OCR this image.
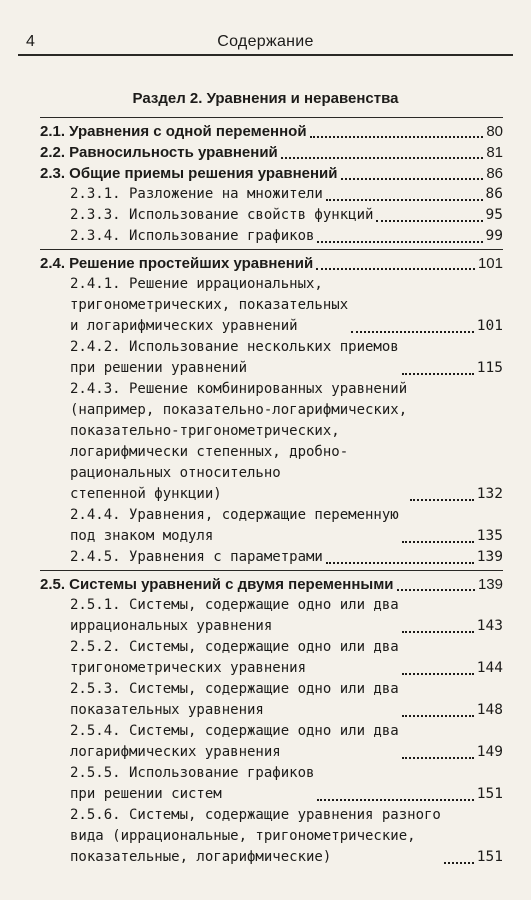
4	Содержание
Раздел 2. Уравнения и неравенства
2.1. Уравнения с одной переменной	80
2.2. Равносильность уравнений	81
2.3. Общие приемы решения уравнений	86
2.3.1. Разложение на множители	86
2.3.3. Использование свойств функций	95
2.3.4. Использование графиков	99
2.4. Решение простейших уравнений	101
2.4.1. Решение иррациональных,
тригонометрических, показательных
и логарифмических уравнений	101
2.4.2. Использование нескольких приемов
при решении уравнений	115
2.4.3. Решение комбинированных уравнений
(например, показательно-логарифмических,
показательно-тригонометрических,
логарифмически степенных, дробно-
рациональных относительно
степенной функции)	132
2.4.4. Уравнения, содержащие переменную
под знаком модуля	135
2.4.5. Уравнения с параметрами	139
2.5. Системы уравнений с двумя переменными	139
2.5.1. Системы, содержащие одно или два
иррациональных уравнения	143
2.5.2. Системы, содержащие одно или два
тригонометрических уравнения	144
2.5.3. Системы, содержащие одно или два
показательных уравнения	148
2.5.4. Системы, содержащие одно или два
логарифмических уравнения	149
2.5.5. Использование графиков
при решении систем	151
2.5.6. Системы, содержащие уравнения разного
вида (иррациональные, тригонометрические,
показательные, логарифмические)	151
